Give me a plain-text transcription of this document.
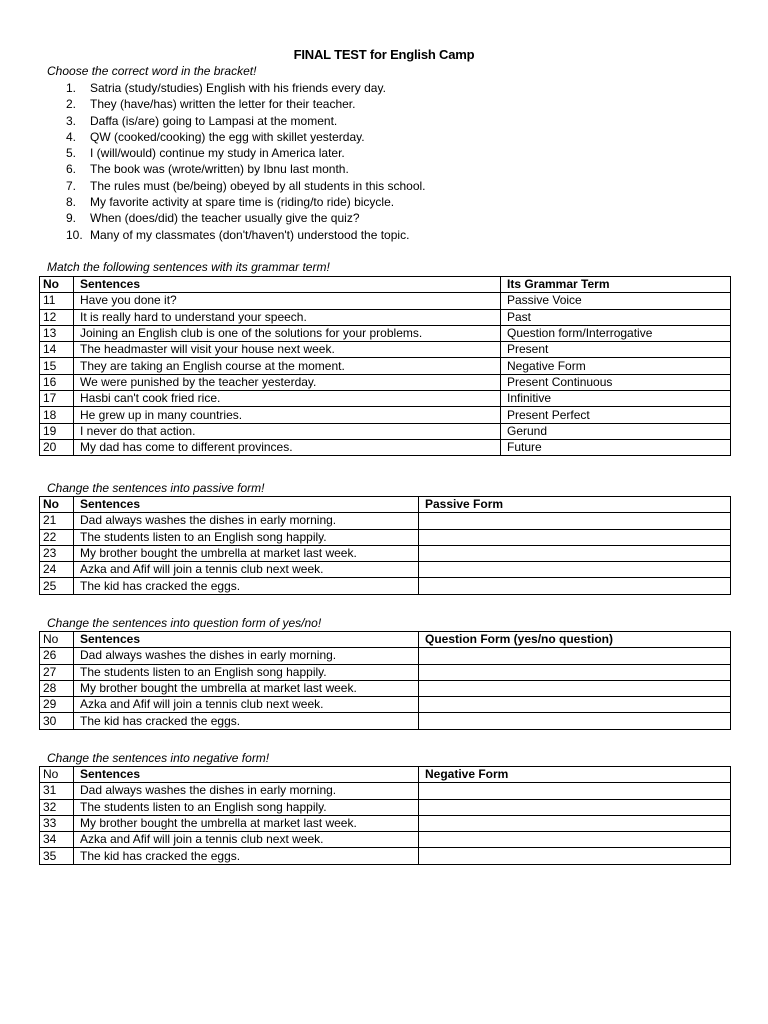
FINAL TEST for English Camp
Choose the correct word in the bracket!
1.	Satria (study/studies) English with his friends every day.
2.	They (have/has) written the letter for their teacher.
3.	Daffa (is/are) going to Lampasi at the moment.
4.	QW (cooked/cooking) the egg with skillet yesterday.
5.	I (will/would) continue my study in America later.
6.	The book was (wrote/written) by Ibnu last month.
7.	The rules must (be/being) obeyed by all students in this school.
8.	My favorite activity at spare time is (riding/to ride) bicycle.
9.	When (does/did) the teacher usually give the quiz?
10. Many of my classmates (don't/haven't) understood the topic.
Match the following sentences with its grammar term!
No	Sentences	Its Grammar Term
11	Have you done it?	Passive Voice
12	It is really hard to understand your speech.	Past
13	Joining an English club is one of the solutions for your problems.	Question form/Interrogative
14	The headmaster will visit your house next week.	Present
15	They are taking an English course at the moment.	Negative Form
16	We were punished by the teacher yesterday.	Present Continuous
17	Hasbi can't cook fried rice.	Infinitive
18	He grew up in many countries.	Present Perfect
19	I never do that action.	Gerund
20	My dad has come to different provinces.	Future
Change the sentences into passive form!
No	Sentences	Passive Form
21	Dad always washes the dishes in early morning.	
22	The students listen to an English song happily.	
23	My brother bought the umbrella at market last week.	
24	Azka and Afif will join a tennis club next week.	
25	The kid has cracked the eggs.	
Change the sentences into question form of yes/no!
No	Sentences	Question Form (yes/no question)
26	Dad always washes the dishes in early morning.	
27	The students listen to an English song happily.	
28	My brother bought the umbrella at market last week.	
29	Azka and Afif will join a tennis club next week.	
30	The kid has cracked the eggs.	
Change the sentences into negative form!
No	Sentences	Negative Form
31	Dad always washes the dishes in early morning.	
32	The students listen to an English song happily.	
33	My brother bought the umbrella at market last week.	
34	Azka and Afif will join a tennis club next week.	
35	The kid has cracked the eggs.	
